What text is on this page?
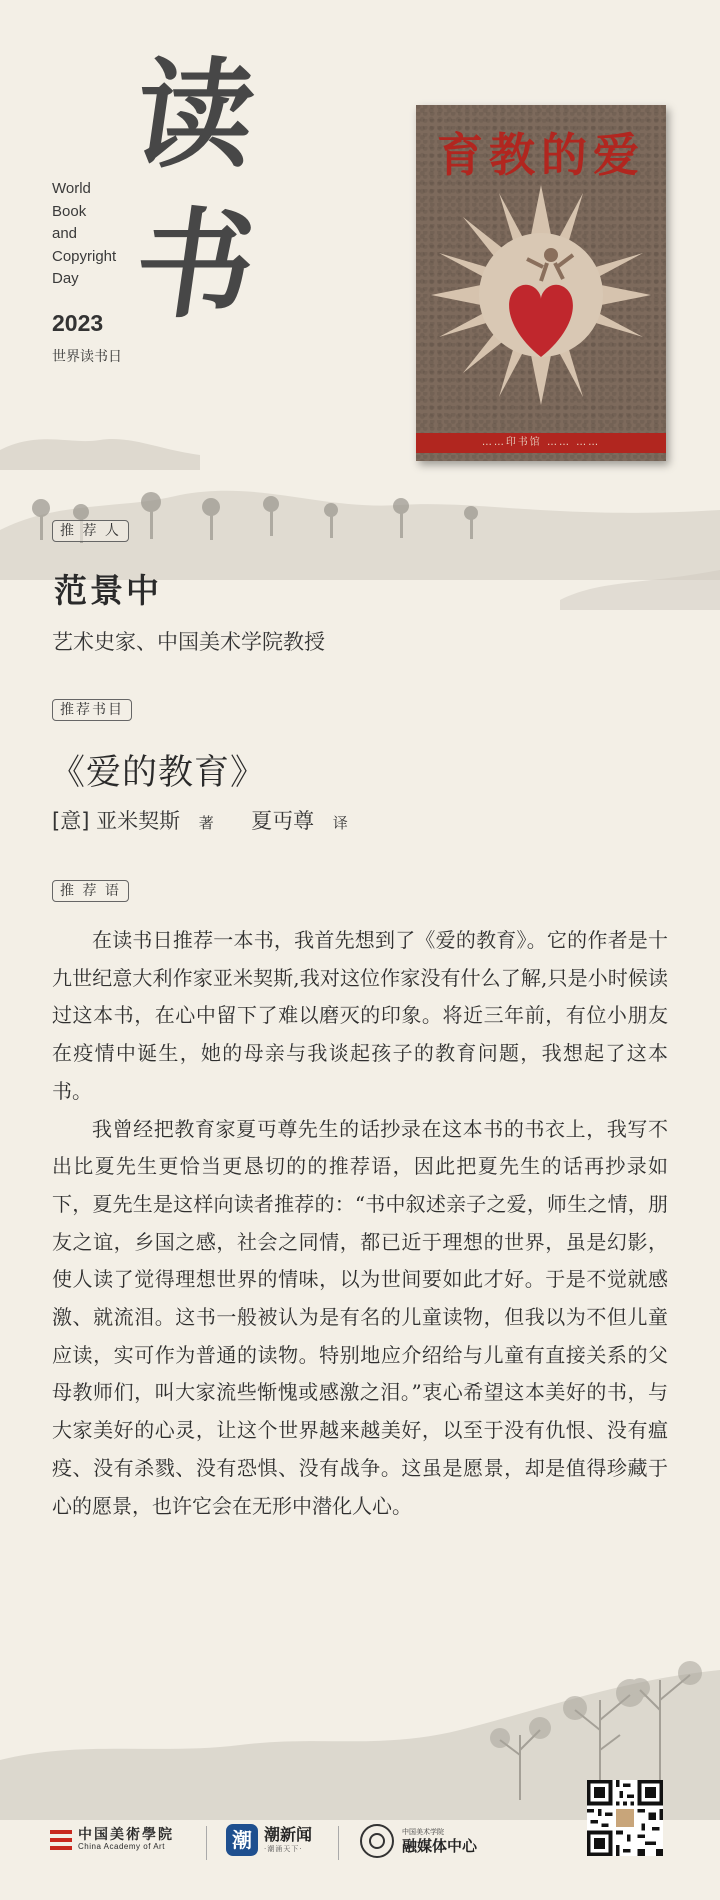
World
Book
and
Copyright
Day
2023
世界读书日
读
书
育教的爱
……印书馆 …… ……
推 荐 人
范景中
艺术史家、中国美术学院教授
推荐书目
《爱的教育》
[意] 亚米契斯 著 夏丏尊 译
推 荐 语

在读书日推荐一本书，我首先想到了《爱的教育》。它的作者是十九世纪意大利作家亚米契斯,我对这位作家没有什么了解,只是小时候读过这本书，在心中留下了难以磨灭的印象。将近三年前，有位小朋友在疫情中诞生，她的母亲与我谈起孩子的教育问题，我想起了这本书。

我曾经把教育家夏丏尊先生的话抄录在这本书的书衣上，我写不出比夏先生更恰当更恳切的的推荐语，因此把夏先生的话再抄录如下，夏先生是这样向读者推荐的：“书中叙述亲子之爱，师生之情，朋友之谊，乡国之感，社会之同情，都已近于理想的世界，虽是幻影，使人读了觉得理想世界的情味，以为世间要如此才好。于是不觉就感激、就流泪。这书一般被认为是有名的儿童读物，但我以为不但儿童应读，实可作为普通的读物。特别地应介绍给与儿童有直接关系的父母教师们，叫大家流些惭愧或感激之泪。”衷心希望这本美好的书，与大家美好的心灵，让这个世界越来越美好，以至于没有仇恨、没有瘟疫、没有杀戮、没有恐惧、没有战争。这虽是愿景，却是值得珍藏于心的愿景，也许它会在无形中潜化人心。

中国美術學院
China Academy of Art	潮 潮新闻
·潮涌天下·
中国美术学院
融媒体中心
